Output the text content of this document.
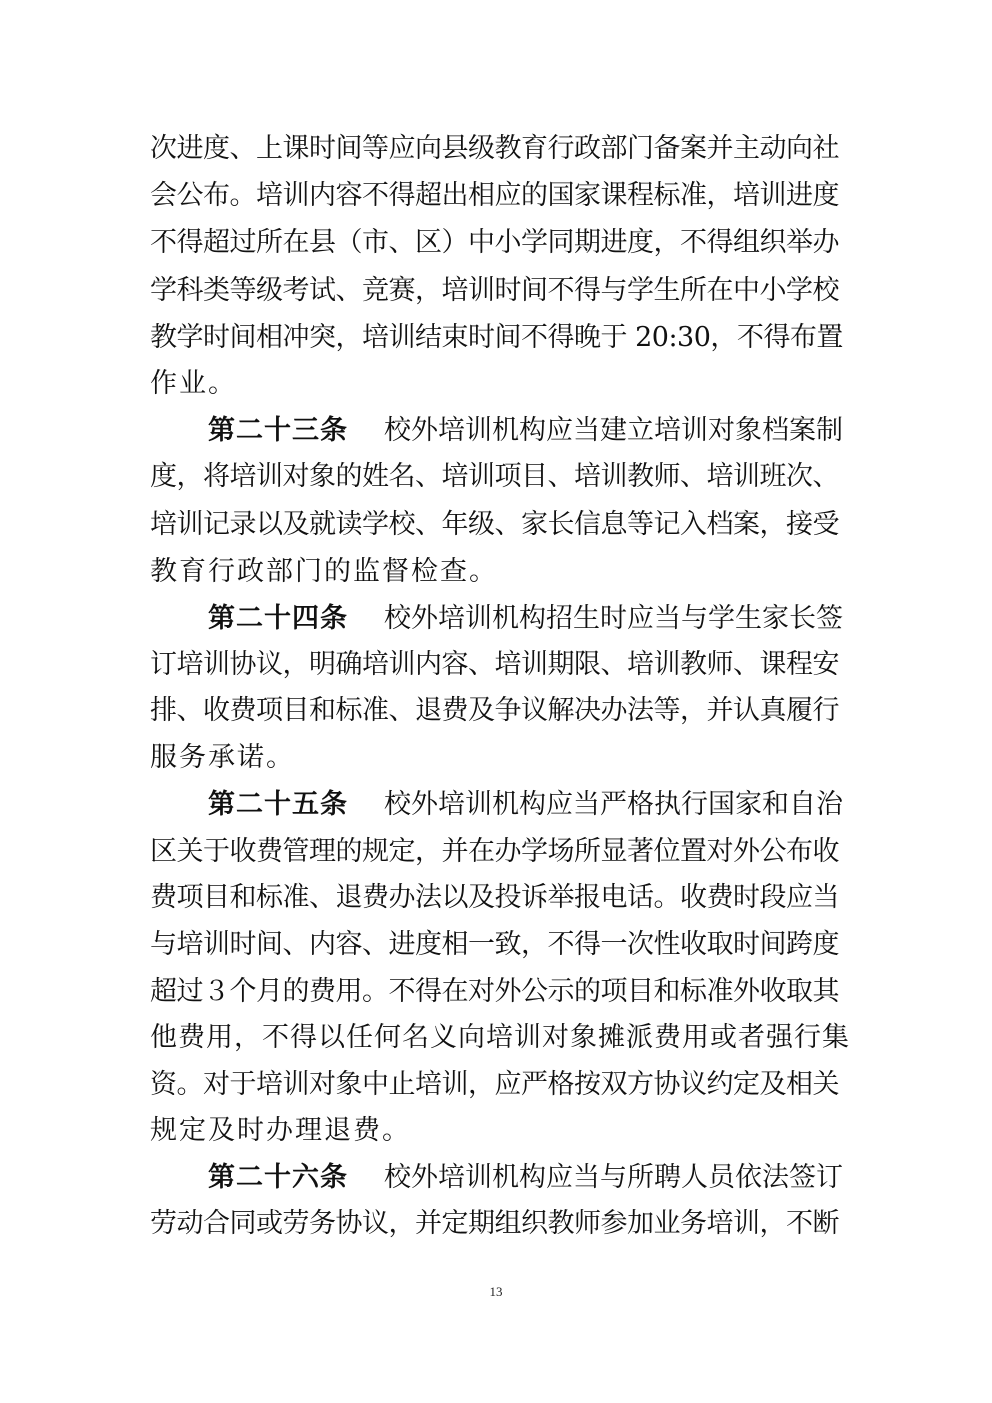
次进度、上课时间等应向县级教育行政部门备案并主动向社
会公布。培训内容不得超出相应的国家课程标准，培训进度
不得超过所在县（市、区）中小学同期进度，不得组织举办
学科类等级考试、竞赛，培训时间不得与学生所在中小学校
教学时间相冲突，培训结束时间不得晚于 20:30，不得布置
作业。
第二十三条 校外培训机构应当建立培训对象档案制
度，将培训对象的姓名、培训项目、培训教师、培训班次、
培训记录以及就读学校、年级、家长信息等记入档案，接受
教育行政部门的监督检查。
第二十四条 校外培训机构招生时应当与学生家长签
订培训协议，明确培训内容、培训期限、培训教师、课程安
排、收费项目和标准、退费及争议解决办法等，并认真履行
服务承诺。
第二十五条 校外培训机构应当严格执行国家和自治
区关于收费管理的规定，并在办学场所显著位置对外公布收
费项目和标准、退费办法以及投诉举报电话。收费时段应当
与培训时间、内容、进度相一致，不得一次性收取时间跨度
超过３个月的费用。不得在对外公示的项目和标准外收取其
他费用，不得以任何名义向培训对象摊派费用或者强行集
资。对于培训对象中止培训，应严格按双方协议约定及相关
规定及时办理退费。
第二十六条 校外培训机构应当与所聘人员依法签订
劳动合同或劳务协议，并定期组织教师参加业务培训，不断
13
